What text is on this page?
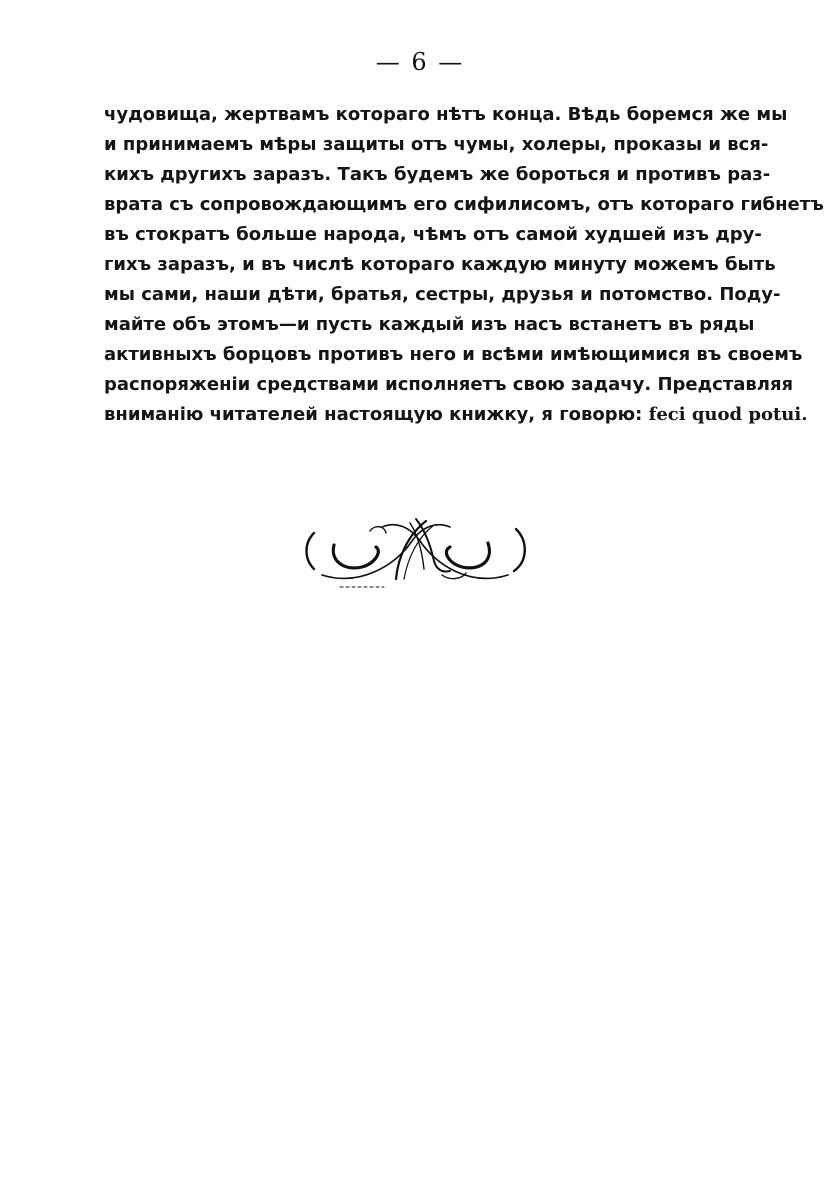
— 6 —
чудовища, жертвамъ котораго нѣтъ конца. Вѣдь боремся же мы
и принимаемъ мѣры защиты отъ чумы, холеры, проказы и вся-
кихъ другихъ заразъ. Такъ будемъ же бороться и противъ раз-
врата съ сопровождающимъ его сифилисомъ, отъ котораго гибнетъ
въ стократъ больше народа, чѣмъ отъ самой худшей изъ дру-
гихъ заразъ, и въ числѣ котораго каждую минуту можемъ быть
мы сами, наши дѣти, братья, сестры, друзья и потомство. Поду-
майте объ этомъ—и пусть каждый изъ насъ встанетъ въ ряды
активныхъ борцовъ противъ него и всѣми имѣющимися въ своемъ
распоряженіи средствами исполняетъ свою задачу. Представляя
вниманію читателей настоящую книжку, я говорю: feci quod potui.
